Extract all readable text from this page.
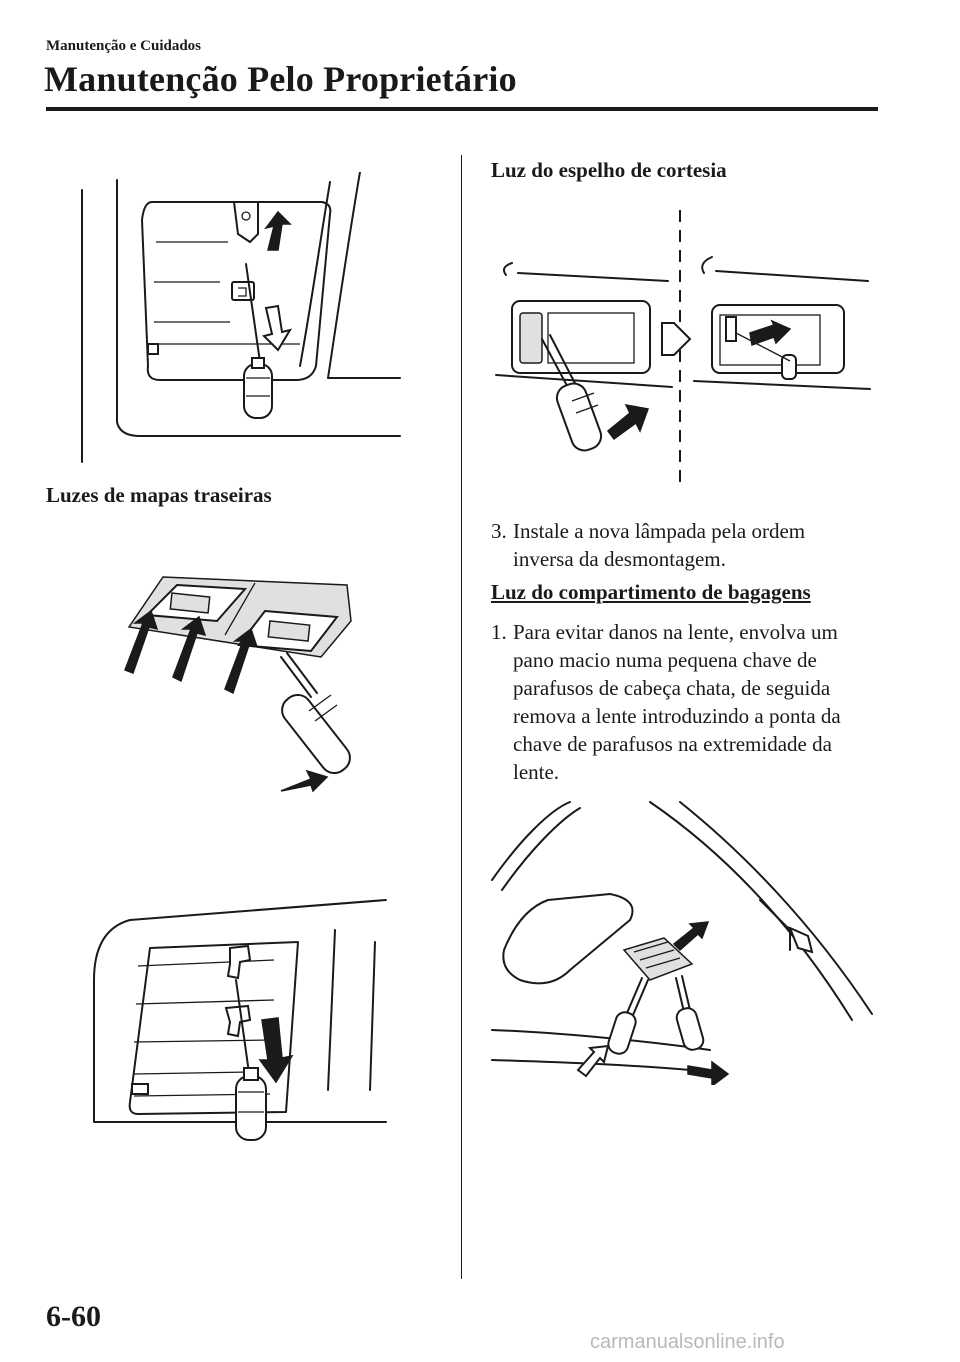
Manutenção e Cuidados
Manutenção Pelo Proprietário
Luzes de mapas traseiras
Luz do espelho de cortesia
3. Instale a nova lâmpada pela ordem inversa da desmontagem.
Luz do compartimento de bagagens
1. Para evitar danos na lente, envolva um pano macio numa pequena chave de parafusos de cabeça chata, de seguida remova a lente introduzindo a ponta da chave de parafusos na extremidade da lente.
6-60
carmanualsonline.info
